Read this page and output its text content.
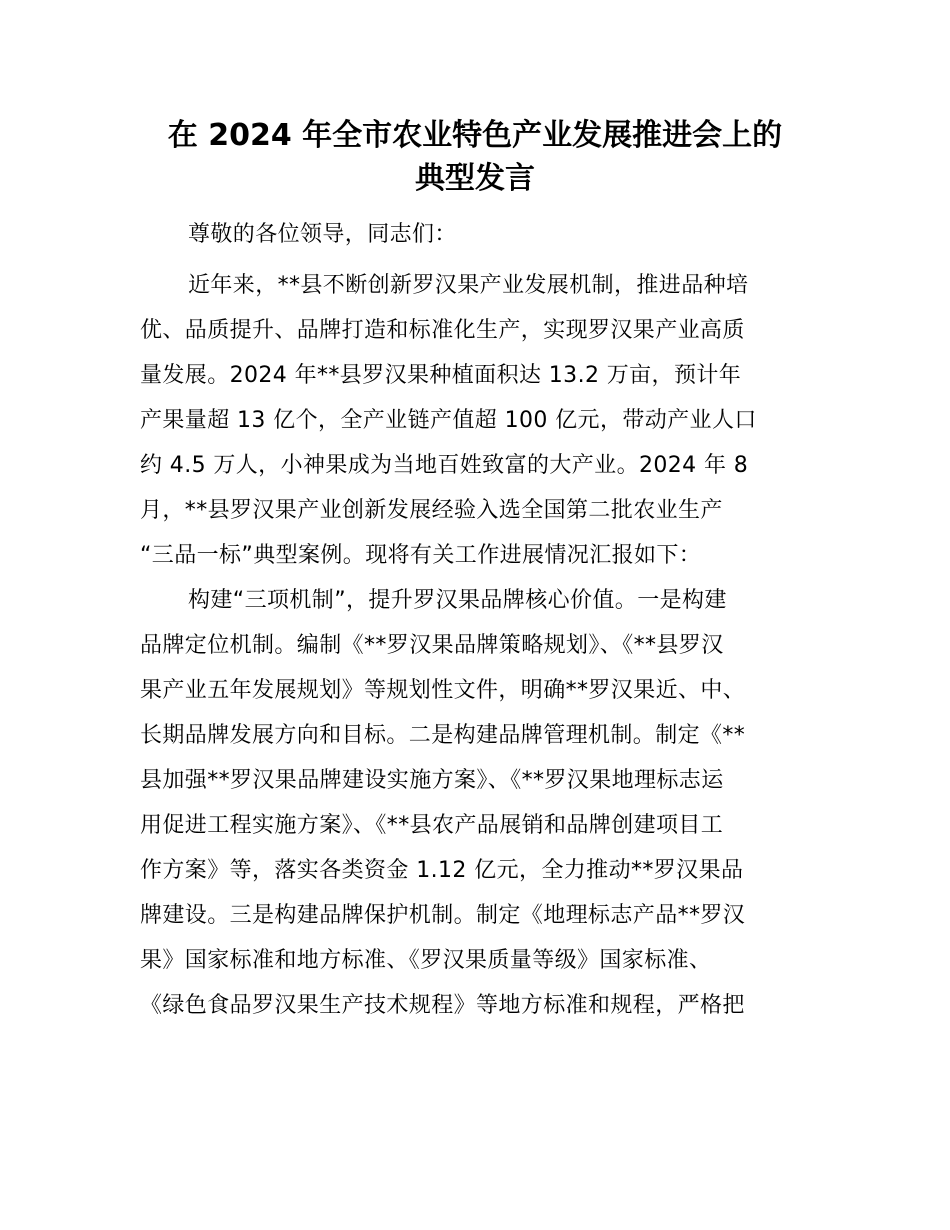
在 2024 年全市农业特色产业发展推进会上的
典型发言
尊敬的各位领导，同志们：
近年来，**县不断创新罗汉果产业发展机制，推进品种培
优、品质提升、品牌打造和标准化生产，实现罗汉果产业高质
量发展。2024 年**县罗汉果种植面积达 13.2 万亩，预计年
产果量超 13 亿个，全产业链产值超 100 亿元，带动产业人口
约 4.5 万人，小神果成为当地百姓致富的大产业。2024 年 8
月，**县罗汉果产业创新发展经验入选全国第二批农业生产
“三品一标”典型案例。现将有关工作进展情况汇报如下：
构建“三项机制”，提升罗汉果品牌核心价值。一是构建
品牌定位机制。编制《**罗汉果品牌策略规划》、《**县罗汉
果产业五年发展规划》等规划性文件，明确**罗汉果近、中、
长期品牌发展方向和目标。二是构建品牌管理机制。制定《**
县加强**罗汉果品牌建设实施方案》、《**罗汉果地理标志运
用促进工程实施方案》、《**县农产品展销和品牌创建项目工
作方案》等，落实各类资金 1.12 亿元，全力推动**罗汉果品
牌建设。三是构建品牌保护机制。制定《地理标志产品**罗汉
果》国家标准和地方标准、《罗汉果质量等级》国家标准、
《绿色食品罗汉果生产技术规程》等地方标准和规程，严格把
